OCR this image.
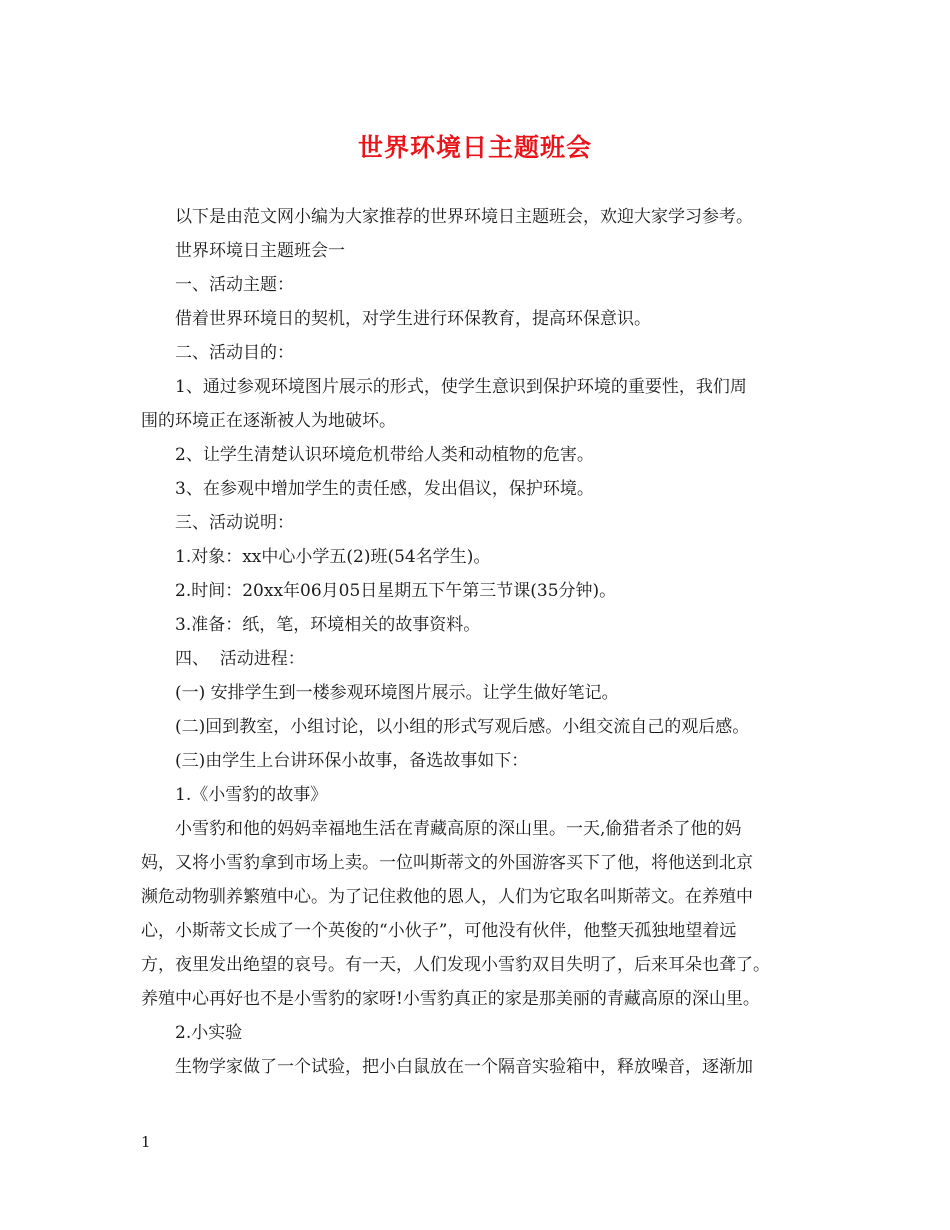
世界环境日主题班会

以下是由范文网小编为大家推荐的世界环境日主题班会，欢迎大家学习参考。

世界环境日主题班会一

一、活动主题：

借着世界环境日的契机，对学生进行环保教育，提高环保意识。

二、活动目的：

1、通过参观环境图片展示的形式，使学生意识到保护环境的重要性，我们周

围的环境正在逐渐被人为地破坏。

2、让学生清楚认识环境危机带给人类和动植物的危害。

3、在参观中增加学生的责任感，发出倡议，保护环境。

三、活动说明：

1.对象：xx中心小学五(2)班(54名学生)。

2.时间：20xx年06月05日星期五下午第三节课(35分钟)。

3.准备：纸，笔，环境相关的故事资料。

四、  活动进程：

(一) 安排学生到一楼参观环境图片展示。让学生做好笔记。

(二)回到教室，小组讨论，以小组的形式写观后感。小组交流自己的观后感。

(三)由学生上台讲环保小故事，备选故事如下：

1.《小雪豹的故事》

小雪豹和他的妈妈幸福地生活在青藏高原的深山里。一天,偷猎者杀了他的妈

妈，又将小雪豹拿到市场上卖。一位叫斯蒂文的外国游客买下了他，将他送到北京

濒危动物驯养繁殖中心。为了记住救他的恩人，人们为它取名叫斯蒂文。在养殖中

心，小斯蒂文长成了一个英俊的“小伙子”，可他没有伙伴，他整天孤独地望着远

方，夜里发出绝望的哀号。有一天，人们发现小雪豹双目失明了，后来耳朵也聋了。

养殖中心再好也不是小雪豹的家呀!小雪豹真正的家是那美丽的青藏高原的深山里。

2.小实验

生物学家做了一个试验，把小白鼠放在一个隔音实验箱中，释放噪音，逐渐加

1
